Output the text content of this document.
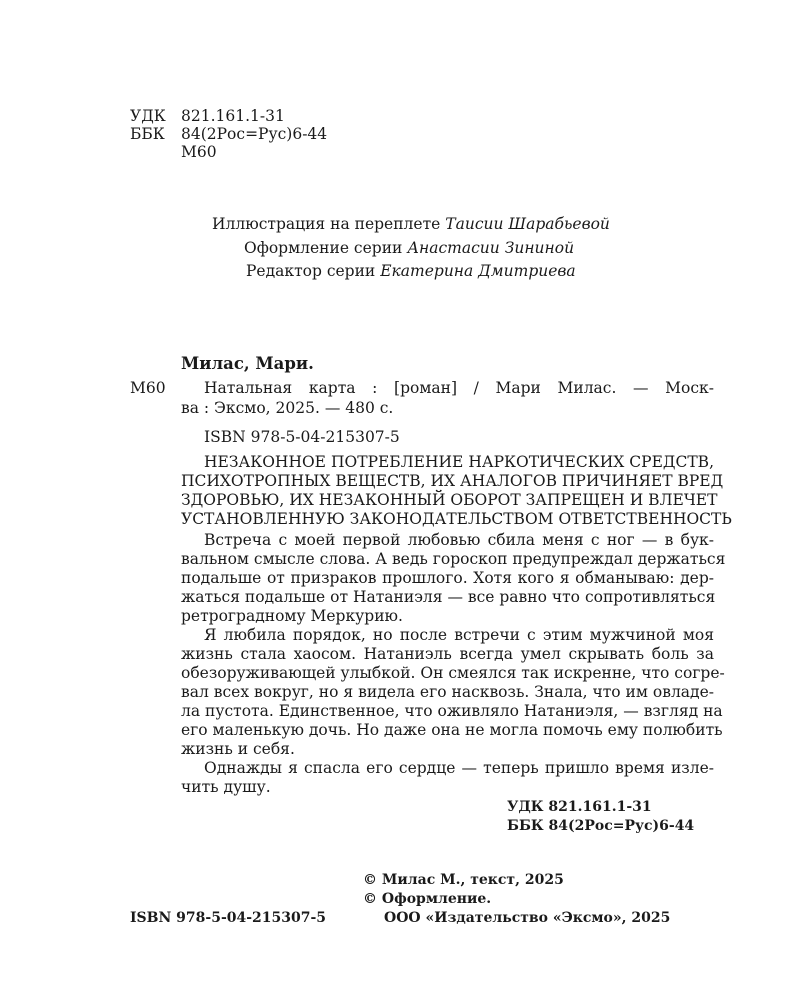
УДК 821.161.1-31
ББК 84(2Рос=Рус)6-44
М60
Иллюстрация на переплете Таисии Шарабьевой
Оформление серии Анастасии Зининой
Редактор серии Екатерина Дмитриева
Милас, Мари.
М60 Натальная карта : [роман] / Мари Милас. — Моск-
ва : Эксмо, 2025. — 480 с.
ISBN 978-5-04-215307-5
НЕЗАКОННОЕ ПОТРЕБЛЕНИЕ НАРКОТИЧЕСКИХ СРЕДСТВ,
ПСИХОТРОПНЫХ ВЕЩЕСТВ, ИХ АНАЛОГОВ ПРИЧИНЯЕТ ВРЕД
ЗДОРОВЬЮ, ИХ НЕЗАКОННЫЙ ОБОРОТ ЗАПРЕЩЕН И ВЛЕЧЕТ
УСТАНОВЛЕННУЮ ЗАКОНОДАТЕЛЬСТВОМ ОТВЕТСТВЕННОСТЬ
Встреча с моей первой любовью сбила меня с ног — в бук-
вальном смысле слова. А ведь гороскоп предупреждал держаться
подальше от призраков прошлого. Хотя кого я обманываю: дер-
жаться подальше от Натаниэля — все равно что сопротивляться
ретроградному Меркурию.
Я любила порядок, но после встречи с этим мужчиной моя
жизнь стала хаосом. Натаниэль всегда умел скрывать боль за
обезоруживающей улыбкой. Он смеялся так искренне, что согре-
вал всех вокруг, но я видела его насквозь. Знала, что им овладе-
ла пустота. Единственное, что оживляло Натаниэля, — взгляд на
его маленькую дочь. Но даже она не могла помочь ему полюбить
жизнь и себя.
Однажды я спасла его сердце — теперь пришло время изле-
чить душу.
УДК 821.161.1-31
ББК 84(2Рос=Рус)6-44
© Милас М., текст, 2025
© Оформление.
ISBN 978-5-04-215307-5	ООО «Издательство «Эксмо», 2025
